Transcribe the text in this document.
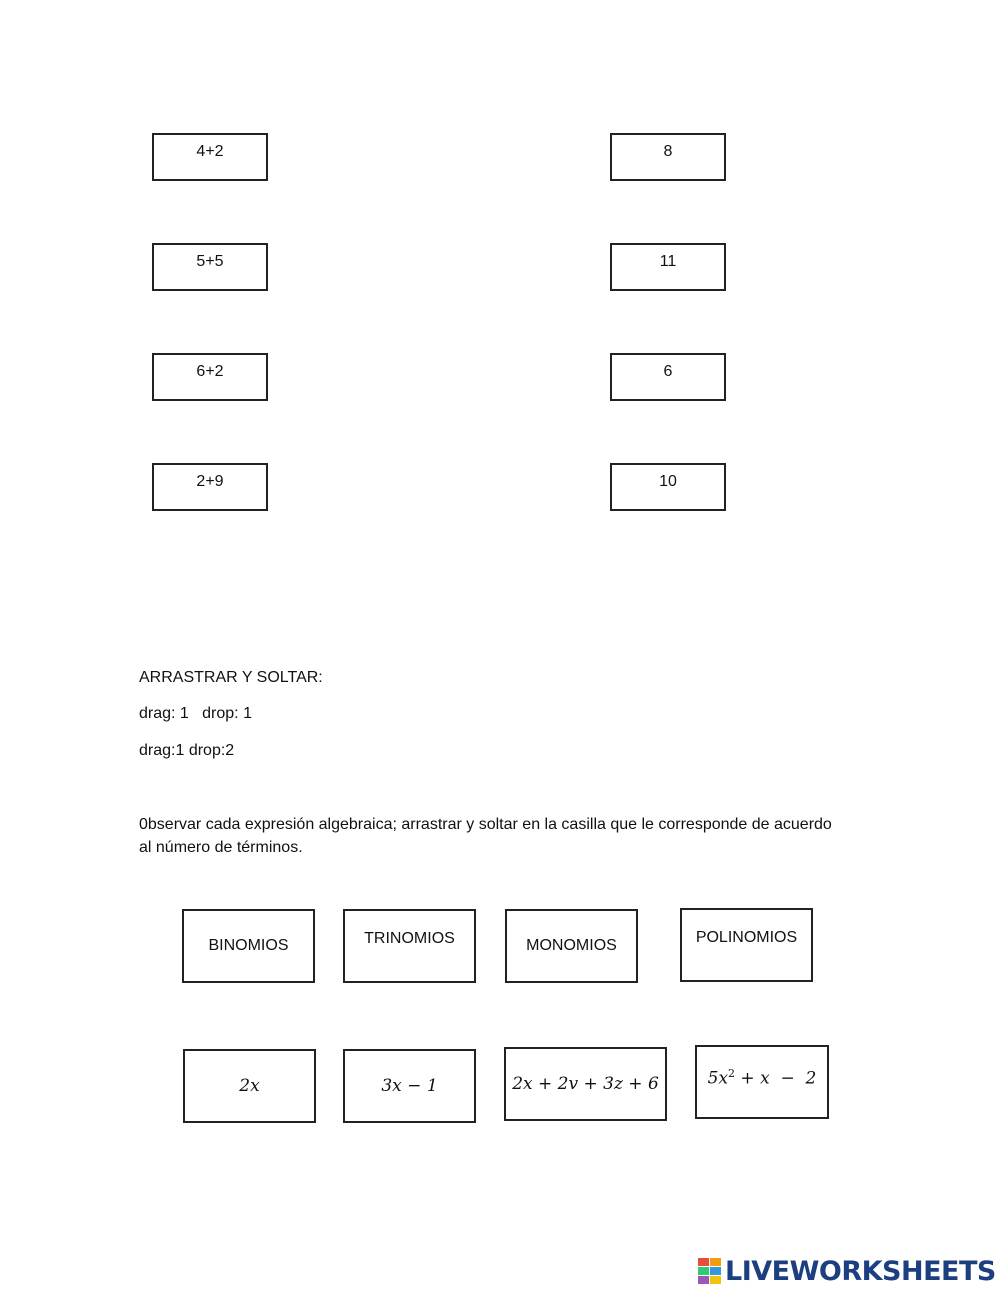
4+2
5+5
6+2
2+9
8
11
6
10
ARRASTRAR Y SOLTAR:
drag: 1   drop: 1
drag:1 drop:2
0bservar cada expresión algebraica; arrastrar y soltar en la casilla que le corresponde de acuerdo
al número de términos.
BINOMIOS	TRINOMIOS	MONOMIOS	POLINOMIOS
2x	3x − 1	2x + 2v + 3z + 6	$5x^2 + x - 2$
LIVEWORKSHEETS
